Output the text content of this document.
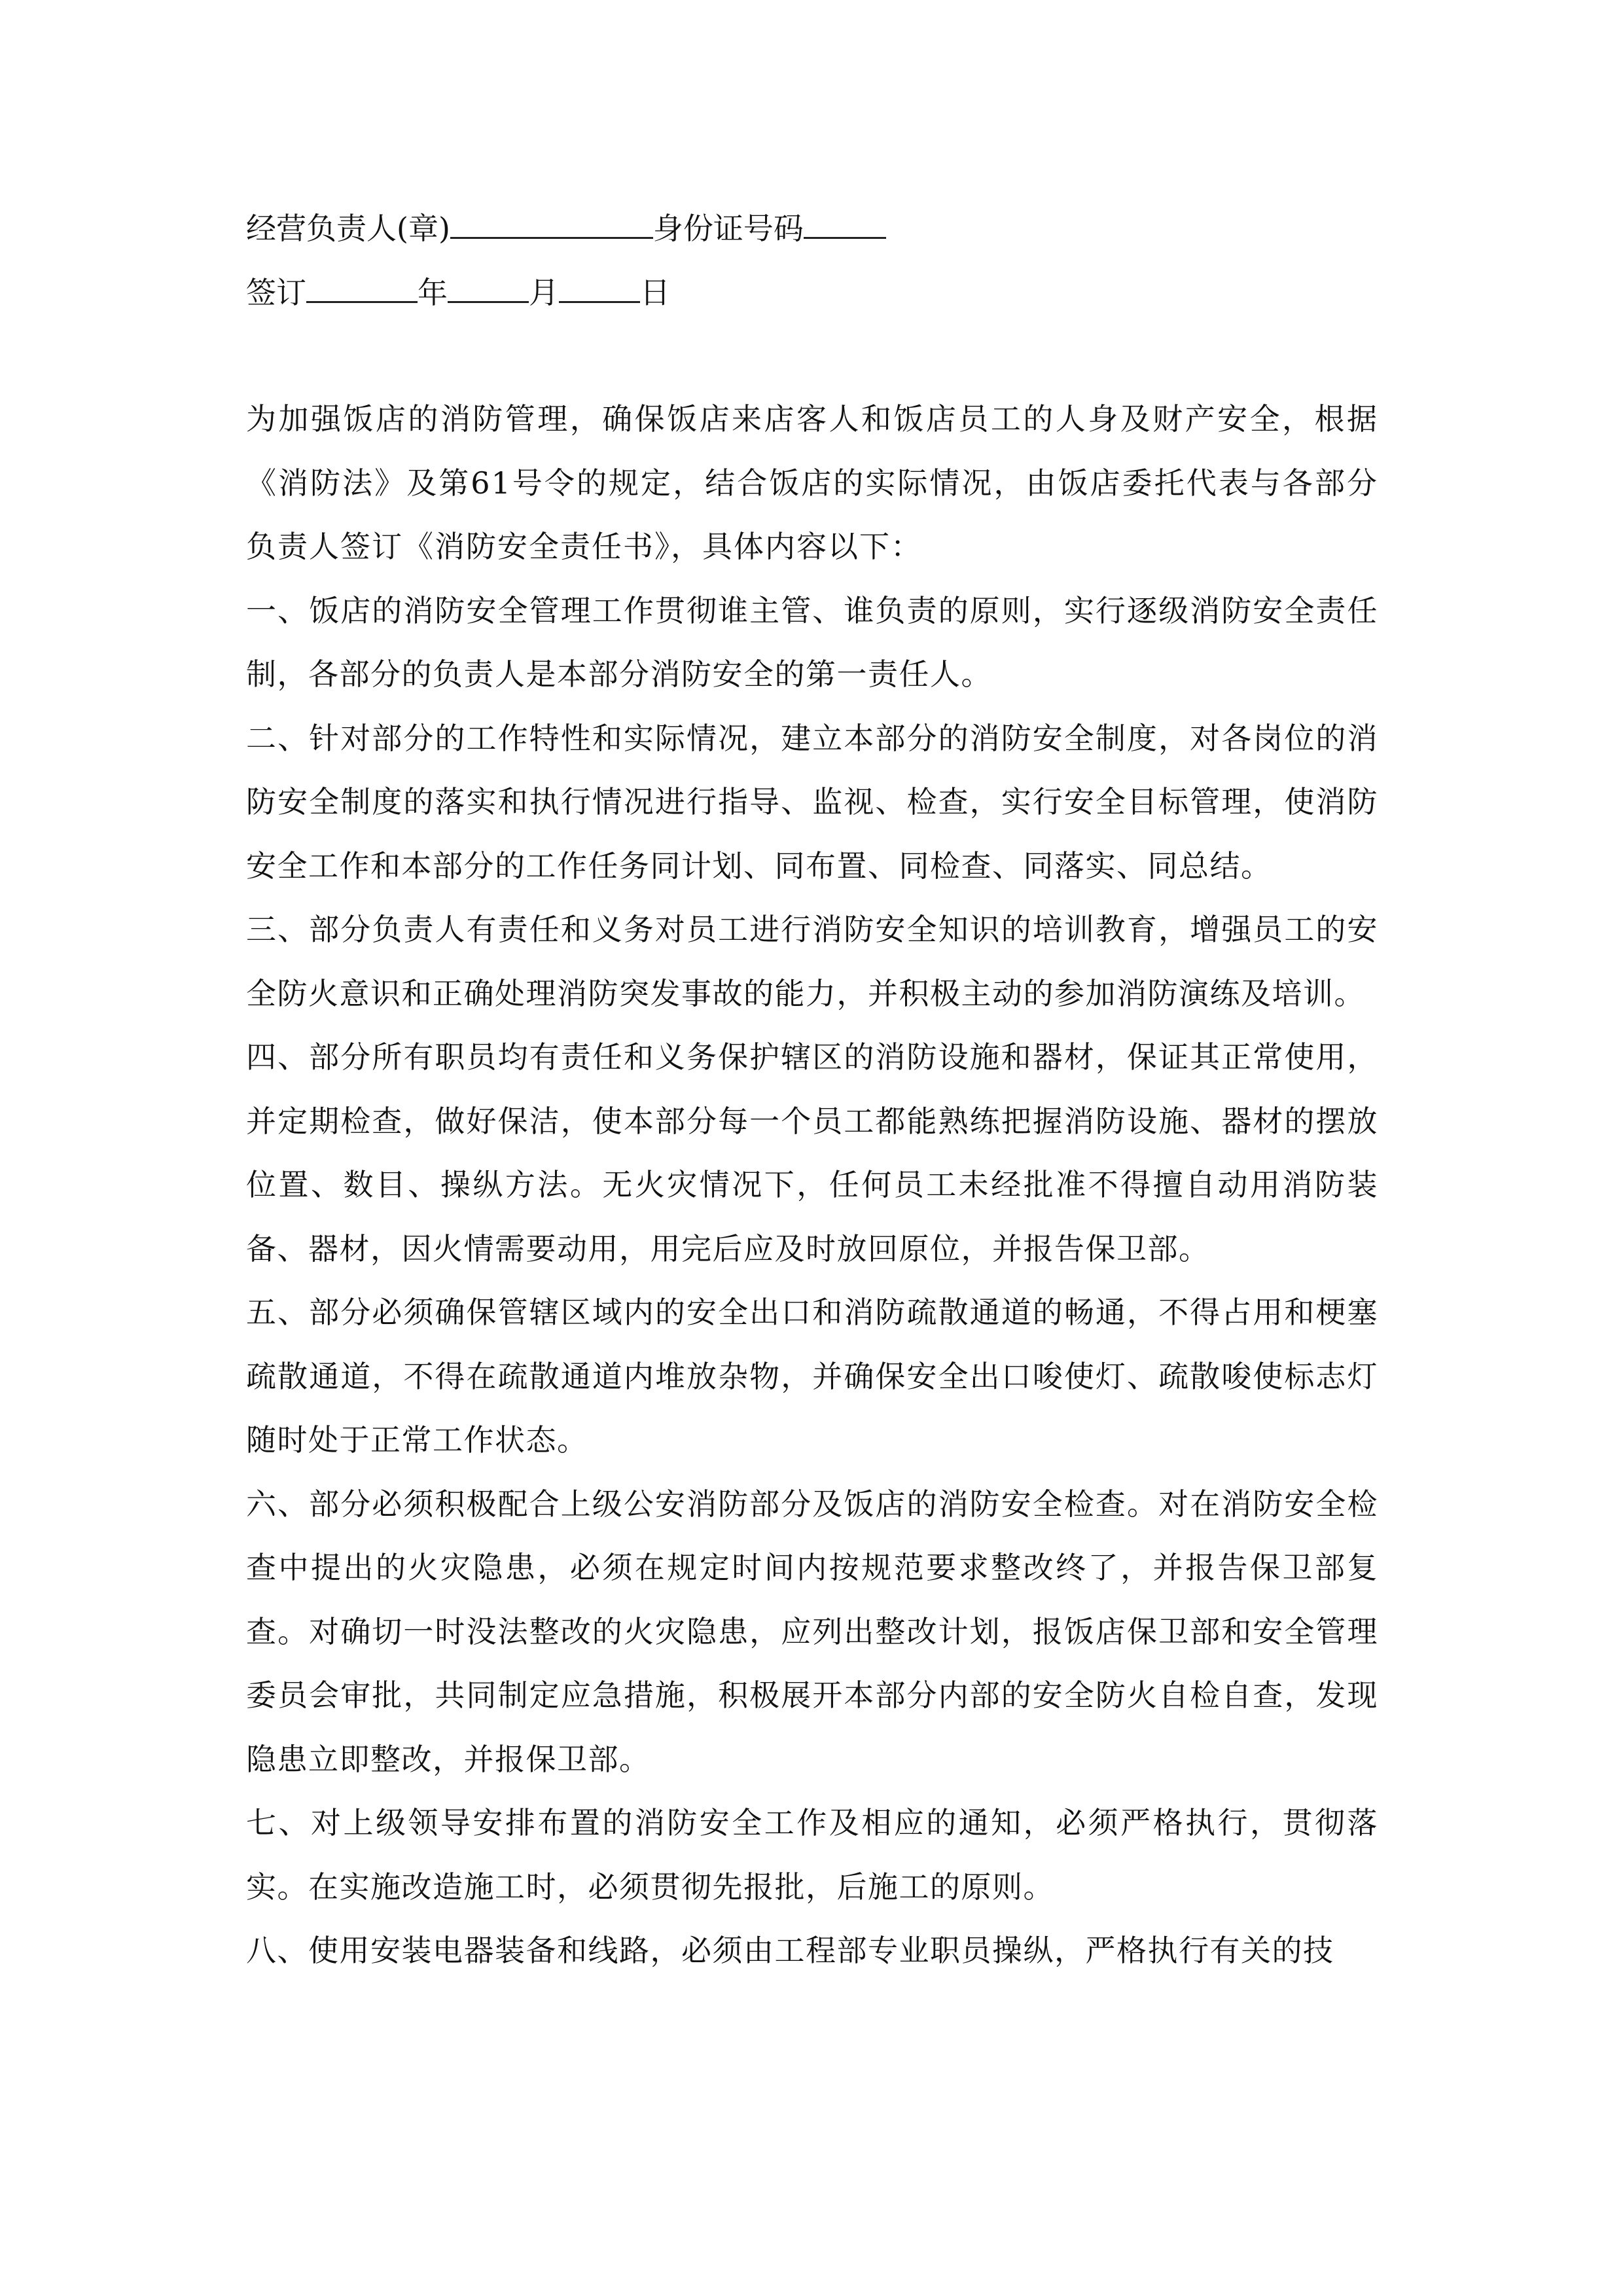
经营负责人(章)	身份证号码
签订	年	月	日

为加强饭店的消防管理，确保饭店来店客人和饭店员工的人身及财产安全，根据《消防法》及第61号令的规定，结合饭店的实际情况，由饭店委托代表与各部分负责人签订《消防安全责任书》，具体内容以下：

一、饭店的消防安全管理工作贯彻谁主管、谁负责的原则，实行逐级消防安全责任制，各部分的负责人是本部分消防安全的第一责任人。

二、针对部分的工作特性和实际情况，建立本部分的消防安全制度，对各岗位的消防安全制度的落实和执行情况进行指导、监视、检查，实行安全目标管理，使消防安全工作和本部分的工作任务同计划、同布置、同检查、同落实、同总结。

三、部分负责人有责任和义务对员工进行消防安全知识的培训教育，增强员工的安全防火意识和正确处理消防突发事故的能力，并积极主动的参加消防演练及培训。

四、部分所有职员均有责任和义务保护辖区的消防设施和器材，保证其正常使用，并定期检查，做好保洁，使本部分每一个员工都能熟练把握消防设施、器材的摆放位置、数目、操纵方法。无火灾情况下，任何员工未经批准不得擅自动用消防装备、器材，因火情需要动用，用完后应及时放回原位，并报告保卫部。

五、部分必须确保管辖区域内的安全出口和消防疏散通道的畅通，不得占用和梗塞疏散通道，不得在疏散通道内堆放杂物，并确保安全出口唆使灯、疏散唆使标志灯随时处于正常工作状态。

六、部分必须积极配合上级公安消防部分及饭店的消防安全检查。对在消防安全检查中提出的火灾隐患，必须在规定时间内按规范要求整改终了，并报告保卫部复查。对确切一时没法整改的火灾隐患，应列出整改计划，报饭店保卫部和安全管理委员会审批，共同制定应急措施，积极展开本部分内部的安全防火自检自查，发现隐患立即整改，并报保卫部。

七、对上级领导安排布置的消防安全工作及相应的通知，必须严格执行，贯彻落实。在实施改造施工时，必须贯彻先报批，后施工的原则。

八、使用安装电器装备和线路，必须由工程部专业职员操纵，严格执行有关的技
